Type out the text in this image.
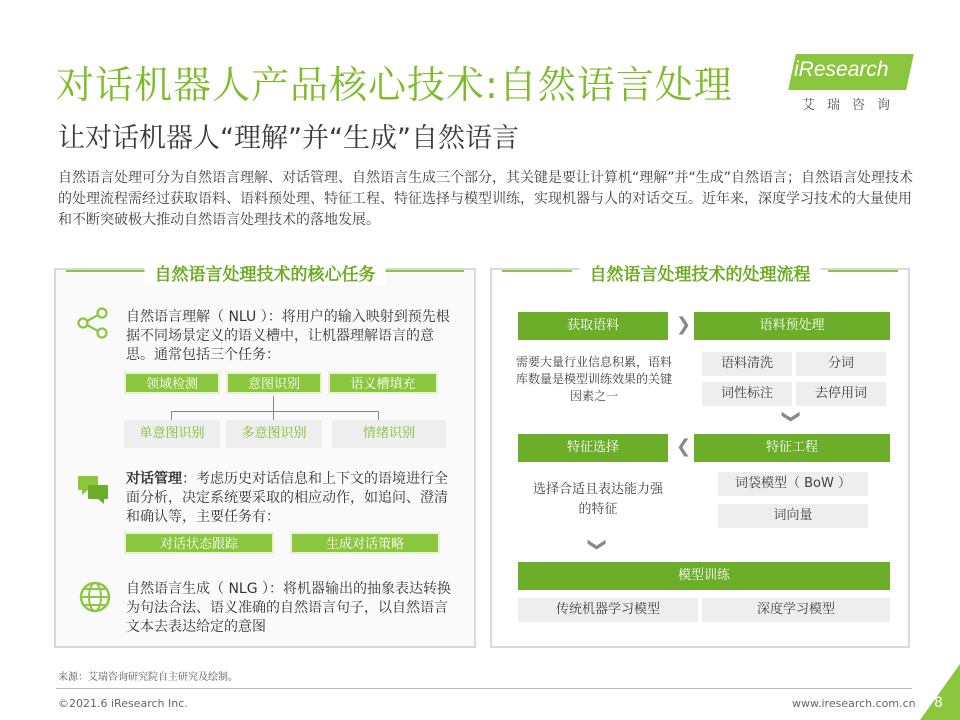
对话机器人产品核心技术:自然语言处理
让对话机器人“理解”并“生成”自然语言
iResearch
艾瑞咨询
自然语言处理可分为自然语言理解、对话管理、自然语言生成三个部分，其关键是要让计算机“理解”并“生成”自然语言；自然语言处理技术的处理流程需经过获取语料、语料预处理、特征工程、特征选择与模型训练，实现机器与人的对话交互。近年来，深度学习技术的大量使用和不断突破极大推动自然语言处理技术的落地发展。
自然语言处理技术的核心任务
自然语言理解（ NLU ）：将用户的输入映射到预先根据不同场景定义的语义槽中，让机器理解语言的意思。通常包括三个任务：
领域检测	意图识别	语义槽填充
单意图识别	多意图识别	情绪识别
对话管理：考虑历史对话信息和上下文的语境进行全面分析，决定系统要采取的相应动作，如追问、澄清和确认等，主要任务有：
对话状态跟踪	生成对话策略
自然语言生成（ NLG ）：将机器输出的抽象表达转换为句法合法、语义准确的自然语言句子，以自然语言文本去表达给定的意图
自然语言处理技术的处理流程
获取语料	❯	语料预处理
需要大量行业信息积累，语料库数量是模型训练效果的关键因素之一
语料清洗	分词
词性标注	去停用词
❯
特征选择	❮	特征工程
选择合适且表达能力强的特征
词袋模型（ BoW ）
词向量
❯
模型训练
传统机器学习模型	深度学习模型
来源：艾瑞咨询研究院自主研究及绘制。
©2021.6 iResearch Inc.	www.iresearch.com.cn 8
